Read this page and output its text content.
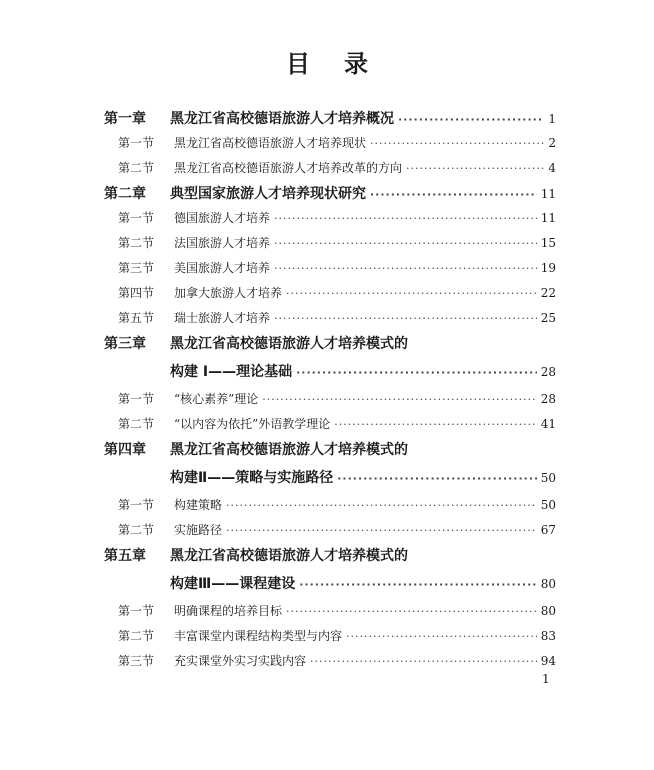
目 录
第一章	黑龙江省高校德语旅游人才培养概况 ·····	1
第一节	黑龙江省高校德语旅游人才培养现状 ·····	2
第二节	黑龙江省高校德语旅游人才培养改革的方向 ·····	4
第二章	典型国家旅游人才培养现状研究 ·····	11
第一节	德国旅游人才培养 ·····	11
第二节	法国旅游人才培养 ·····	15
第三节	美国旅游人才培养 ·····	19
第四节	加拿大旅游人才培养 ·····	22
第五节	瑞士旅游人才培养 ·····	25
第三章	黑龙江省高校德语旅游人才培养模式的
构建 I——理论基础 ·····	28
第一节	“核心素养”理论 ·····	28
第二节	“以内容为依托”外语教学理论 ·····	41
第四章	黑龙江省高校德语旅游人才培养模式的
构建Ⅱ——策略与实施路径 ·····	50
第一节	构建策略 ·····	50
第二节	实施路径 ·····	67
第五章	黑龙江省高校德语旅游人才培养模式的
构建Ⅲ——课程建设 ·····	80
第一节	明确课程的培养目标 ·····	80
第二节	丰富课堂内课程结构类型与内容 ·····	83
第三节	充实课堂外实习实践内容 ·····	94
1
